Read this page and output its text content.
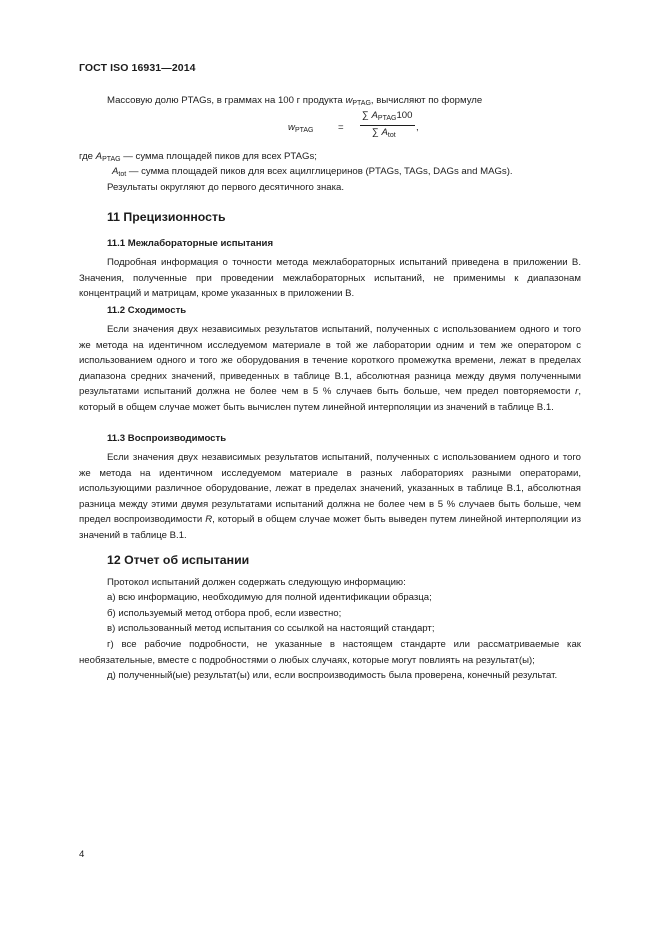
ГОСТ ISO 16931—2014

Массовую долю PTAGs, в граммах на 100 г продукта $w_{PTAG}$, вычисляют по формуле

$w_{PTAG}$	=
∑ $A_{PTAG}100$
∑ $A_{tot}$
,

где $A_{PTAG}$ — сумма площадей пиков для всех PTAGs;

$A_{tot}$ — сумма площадей пиков для всех ацилглицеринов (PTAGs, TAGs, DAGs and MAGs).

Результаты округляют до первого десятичного знака.

11 Прецизионность
11.1 Межлабораторные испытания

Подробная информация о точности метода межлабораторных испытаний приведена в приложении В. Значения, полученные при проведении межлабораторных испытаний, не применимы к диапазонам концентраций и матрицам, кроме указанных в приложении В.

11.2 Сходимость

Если значения двух независимых результатов испытаний, полученных с использованием одного и того же метода на идентичном исследуемом материале в той же лаборатории одним и тем же оператором с использованием одного и того же оборудования в течение короткого промежутка времени, лежат в пределах диапазона средних значений, приведенных в таблице В.1, абсолютная разница между двумя полученными результатами испытаний должна не более чем в 5 % случаев быть больше, чем предел повторяемости r, который в общем случае может быть вычислен путем линейной интерполяции из значений в таблице В.1.

11.3 Воспроизводимость

Если значения двух независимых результатов испытаний, полученных с использованием одного и того же метода на идентичном исследуемом материале в разных лабораториях разными операторами, использующими различное оборудование, лежат в пределах значений, указанных в таблице В.1, абсолютная разница между этими двумя результатами испытаний должна не более чем в 5 % случаев быть больше, чем предел воспроизводимости R, который в общем случае может быть выведен путем линейной интерполяции из значений в таблице В.1.

12 Отчет об испытании

Протокол испытаний должен содержать следующую информацию:

а) всю информацию, необходимую для полной идентификации образца;

б) используемый метод отбора проб, если известно;

в) использованный метод испытания со ссылкой на настоящий стандарт;

г) все рабочие подробности, не указанные в настоящем стандарте или рассматриваемые как необязательные, вместе с подробностями о любых случаях, которые могут повлиять на результат(ы);

д) полученный(ые) результат(ы) или, если воспроизводимость была проверена, конечный результат.

4
